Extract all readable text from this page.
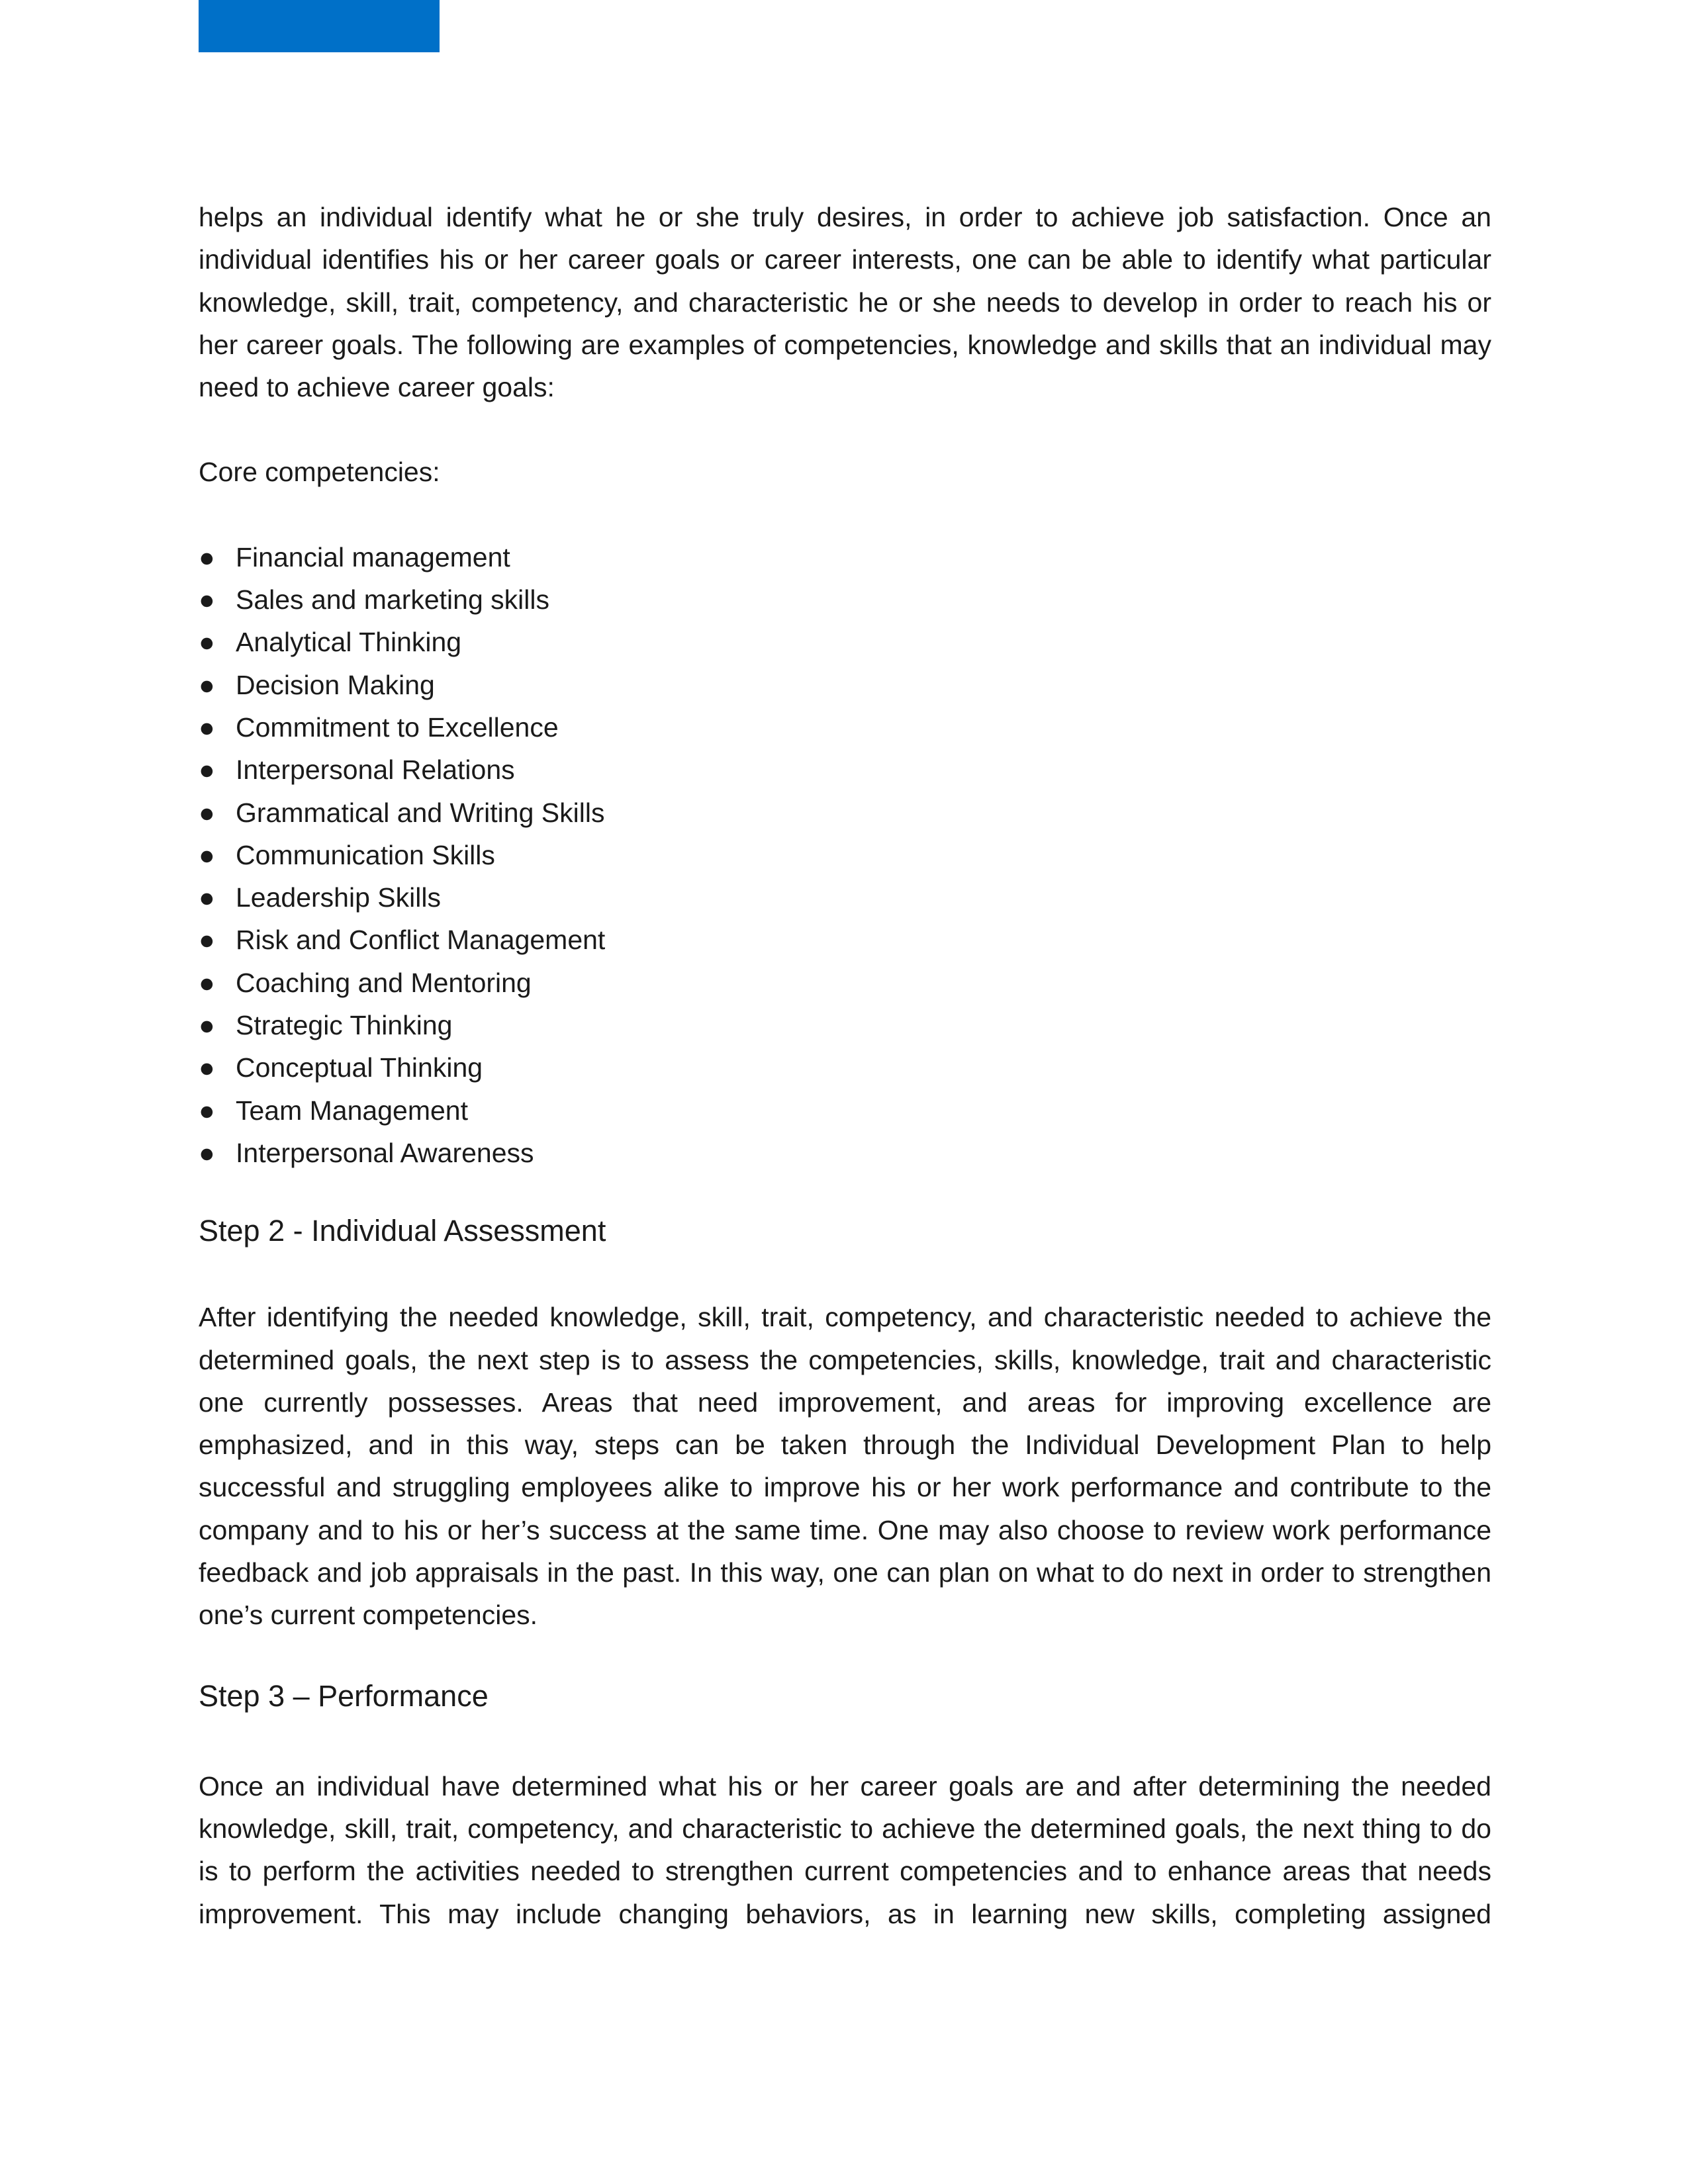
helps an individual identify what he or she truly desires, in order to achieve job satisfaction. Once an individual identifies his or her career goals or career interests, one can be able to identify what particular knowledge, skill, trait, competency, and characteristic he or she needs to develop in order to reach his or her career goals. The following are examples of competencies, knowledge and skills that an individual may need to achieve career goals:

Core competencies:

● Financial management
● Sales and marketing skills
● Analytical Thinking
● Decision Making
● Commitment to Excellence
● Interpersonal Relations
● Grammatical and Writing Skills
● Communication Skills
● Leadership Skills
● Risk and Conflict Management
● Coaching and Mentoring
● Strategic Thinking
● Conceptual Thinking
● Team Management
● Interpersonal Awareness
Step 2 - Individual Assessment

After identifying the needed knowledge, skill, trait, competency, and characteristic needed to achieve the determined goals, the next step is to assess the competencies, skills, knowledge, trait and characteristic one currently possesses. Areas that need improvement, and areas for improving excellence are emphasized, and in this way, steps can be taken through the Individual Development Plan to help successful and struggling employees alike to improve his or her work performance and contribute to the company and to his or her’s success at the same time. One may also choose to review work performance feedback and job appraisals in the past. In this way, one can plan on what to do next in order to strengthen one’s current competencies.

Step 3 – Performance

Once an individual have determined what his or her career goals are and after determining the needed knowledge, skill, trait, competency, and characteristic to achieve the determined goals, the next thing to do is to perform the activities needed to strengthen current competencies and to enhance areas that needs improvement. This may include changing behaviors, as in learning new skills, completing assigned
